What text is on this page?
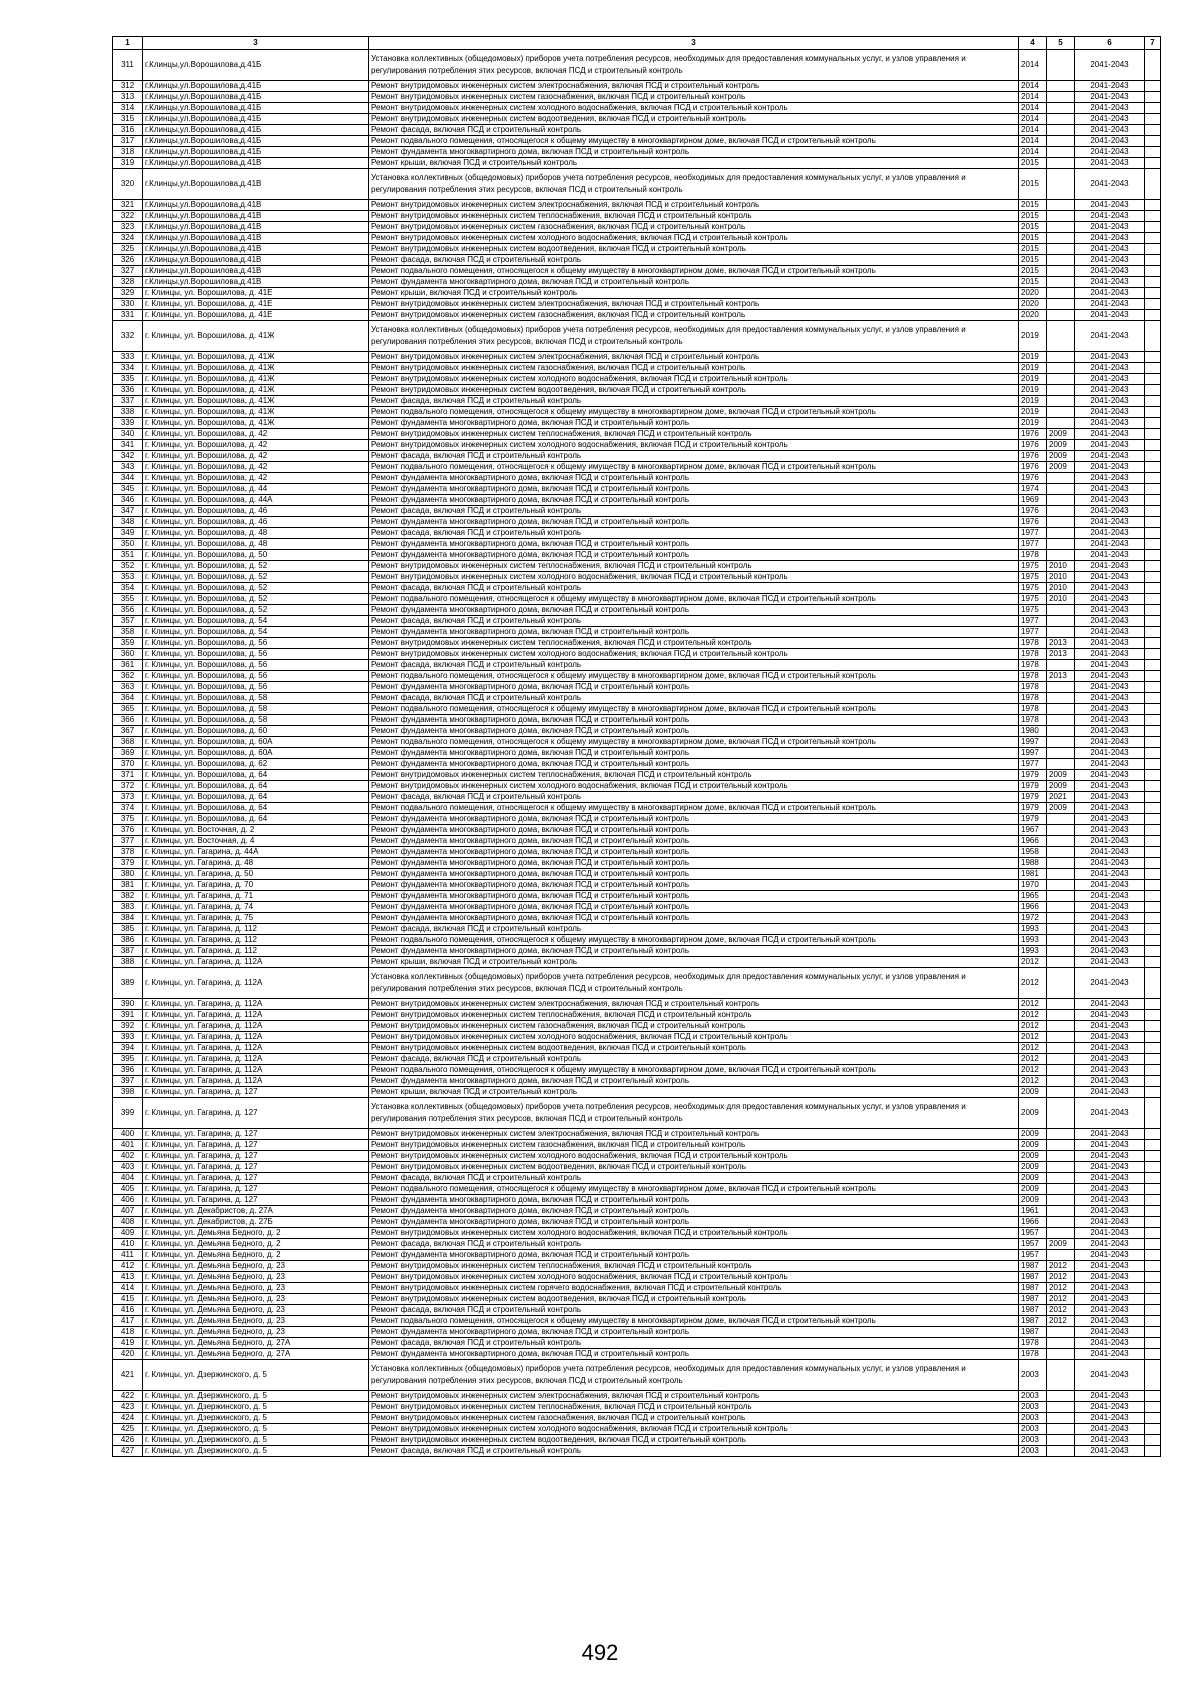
1	3	3	4	5	6	7
311	г.Клинцы,ул.Ворошилова,д.41Б	Установка коллективных (общедомовых) приборов учета потребления ресурсов, необходимых для предоставления коммунальных услуг, и узлов управления и регулирования потребления этих ресурсов, включая ПСД и строительный контроль	2014		2041-2043	
312	г.Клинцы,ул.Ворошилова,д.41Б	Ремонт внутридомовых инженерных систем электроснабжения, включая ПСД и строительный контроль	2014		2041-2043	
313	г.Клинцы,ул.Ворошилова,д.41Б	Ремонт внутридомовых инженерных систем газоснабжения, включая ПСД и строительный контроль	2014		2041-2043	
314	г.Клинцы,ул.Ворошилова,д.41Б	Ремонт внутридомовых инженерных систем холодного водоснабжения, включая ПСД и строительный контроль	2014		2041-2043	
315	г.Клинцы,ул.Ворошилова,д.41Б	Ремонт внутридомовых инженерных систем водоотведения, включая ПСД и строительный контроль	2014		2041-2043	
316	г.Клинцы,ул.Ворошилова,д.41Б	Ремонт фасада, включая ПСД и строительный контроль	2014		2041-2043	
317	г.Клинцы,ул.Ворошилова,д.41Б	Ремонт подвального помещения, относящегося к общему имуществу в многоквартирном доме, включая ПСД и строительный контроль	2014		2041-2043	
318	г.Клинцы,ул.Ворошилова,д.41Б	Ремонт фундамента многоквартирного дома, включая ПСД и строительный контроль	2014		2041-2043	
319	г.Клинцы,ул.Ворошилова,д.41В	Ремонт крыши, включая ПСД и строительный контроль	2015		2041-2043	
320	г.Клинцы,ул.Ворошилова,д.41В	Установка коллективных (общедомовых) приборов учета потребления ресурсов, необходимых для предоставления коммунальных услуг, и узлов управления и регулирования потребления этих ресурсов, включая ПСД и строительный контроль	2015		2041-2043	
321	г.Клинцы,ул.Ворошилова,д.41В	Ремонт внутридомовых инженерных систем электроснабжения, включая ПСД и строительный контроль	2015		2041-2043	
322	г.Клинцы,ул.Ворошилова,д.41В	Ремонт внутридомовых инженерных систем теплоснабжения, включая ПСД и строительный контроль	2015		2041-2043	
323	г.Клинцы,ул.Ворошилова,д.41В	Ремонт внутридомовых инженерных систем газоснабжения, включая ПСД и строительный контроль	2015		2041-2043	
324	г.Клинцы,ул.Ворошилова,д.41В	Ремонт внутридомовых инженерных систем холодного водоснабжения, включая ПСД и строительный контроль	2015		2041-2043	
325	г.Клинцы,ул.Ворошилова,д.41В	Ремонт внутридомовых инженерных систем водоотведения, включая ПСД и строительный контроль	2015		2041-2043	
326	г.Клинцы,ул.Ворошилова,д.41В	Ремонт фасада, включая ПСД и строительный контроль	2015		2041-2043	
327	г.Клинцы,ул.Ворошилова,д.41В	Ремонт подвального помещения, относящегося к общему имуществу в многоквартирном доме, включая ПСД и строительный контроль	2015		2041-2043	
328	г.Клинцы,ул.Ворошилова,д.41В	Ремонт фундамента многоквартирного дома, включая ПСД и строительный контроль	2015		2041-2043	
329	г. Клинцы, ул. Ворошилова, д. 41Е	Ремонт крыши, включая ПСД и строительный контроль	2020		2041-2043	
330	г. Клинцы, ул. Ворошилова, д. 41Е	Ремонт внутридомовых инженерных систем электроснабжения, включая ПСД и строительный контроль	2020		2041-2043	
331	г. Клинцы, ул. Ворошилова, д. 41Е	Ремонт внутридомовых инженерных систем газоснабжения, включая ПСД и строительный контроль	2020		2041-2043	
332	г. Клинцы, ул. Ворошилова, д. 41Ж	Установка коллективных (общедомовых) приборов учета потребления ресурсов, необходимых для предоставления коммунальных услуг, и узлов управления и регулирования потребления этих ресурсов, включая ПСД и строительный контроль	2019		2041-2043	
333	г. Клинцы, ул. Ворошилова, д. 41Ж	Ремонт внутридомовых инженерных систем электроснабжения, включая ПСД и строительный контроль	2019		2041-2043	
334	г. Клинцы, ул. Ворошилова, д. 41Ж	Ремонт внутридомовых инженерных систем газоснабжения, включая ПСД и строительный контроль	2019		2041-2043	
335	г. Клинцы, ул. Ворошилова, д. 41Ж	Ремонт внутридомовых инженерных систем холодного водоснабжения, включая ПСД и строительный контроль	2019		2041-2043	
336	г. Клинцы, ул. Ворошилова, д. 41Ж	Ремонт внутридомовых инженерных систем водоотведения, включая ПСД и строительный контроль	2019		2041-2043	
337	г. Клинцы, ул. Ворошилова, д. 41Ж	Ремонт фасада, включая ПСД и строительный контроль	2019		2041-2043	
338	г. Клинцы, ул. Ворошилова, д. 41Ж	Ремонт подвального помещения, относящегося к общему имуществу в многоквартирном доме, включая ПСД и строительный контроль	2019		2041-2043	
339	г. Клинцы, ул. Ворошилова, д. 41Ж	Ремонт фундамента многоквартирного дома, включая ПСД и строительный контроль	2019		2041-2043	
340	г. Клинцы, ул. Ворошилова, д. 42	Ремонт внутридомовых инженерных систем теплоснабжения, включая ПСД и строительный контроль	1976	2009	2041-2043	
341	г. Клинцы, ул. Ворошилова, д. 42	Ремонт внутридомовых инженерных систем холодного водоснабжения, включая ПСД и строительный контроль	1976	2009	2041-2043	
342	г. Клинцы, ул. Ворошилова, д. 42	Ремонт фасада, включая ПСД и строительный контроль	1976	2009	2041-2043	
343	г. Клинцы, ул. Ворошилова, д. 42	Ремонт подвального помещения, относящегося к общему имуществу в многоквартирном доме, включая ПСД и строительный контроль	1976	2009	2041-2043	
344	г. Клинцы, ул. Ворошилова, д. 42	Ремонт фундамента многоквартирного дома, включая ПСД и строительный контроль	1976		2041-2043	
345	г. Клинцы, ул. Ворошилова, д. 44	Ремонт фундамента многоквартирного дома, включая ПСД и строительный контроль	1974		2041-2043	
346	г. Клинцы, ул. Ворошилова, д. 44А	Ремонт фундамента многоквартирного дома, включая ПСД и строительный контроль	1969		2041-2043	
347	г. Клинцы, ул. Ворошилова, д. 46	Ремонт фасада, включая ПСД и строительный контроль	1976		2041-2043	
348	г. Клинцы, ул. Ворошилова, д. 46	Ремонт фундамента многоквартирного дома, включая ПСД и строительный контроль	1976		2041-2043	
349	г. Клинцы, ул. Ворошилова, д. 48	Ремонт фасада, включая ПСД и строительный контроль	1977		2041-2043	
350	г. Клинцы, ул. Ворошилова, д. 48	Ремонт фундамента многоквартирного дома, включая ПСД и строительный контроль	1977		2041-2043	
351	г. Клинцы, ул. Ворошилова, д. 50	Ремонт фундамента многоквартирного дома, включая ПСД и строительный контроль	1978		2041-2043	
352	г. Клинцы, ул. Ворошилова, д. 52	Ремонт внутридомовых инженерных систем теплоснабжения, включая ПСД и строительный контроль	1975	2010	2041-2043	
353	г. Клинцы, ул. Ворошилова, д. 52	Ремонт внутридомовых инженерных систем холодного водоснабжения, включая ПСД и строительный контроль	1975	2010	2041-2043	
354	г. Клинцы, ул. Ворошилова, д. 52	Ремонт фасада, включая ПСД и строительный контроль	1975	2010	2041-2043	
355	г. Клинцы, ул. Ворошилова, д. 52	Ремонт подвального помещения, относящегося к общему имуществу в многоквартирном доме, включая ПСД и строительный контроль	1975	2010	2041-2043	
356	г. Клинцы, ул. Ворошилова, д. 52	Ремонт фундамента многоквартирного дома, включая ПСД и строительный контроль	1975		2041-2043	
357	г. Клинцы, ул. Ворошилова, д. 54	Ремонт фасада, включая ПСД и строительный контроль	1977		2041-2043	
358	г. Клинцы, ул. Ворошилова, д. 54	Ремонт фундамента многоквартирного дома, включая ПСД и строительный контроль	1977		2041-2043	
359	г. Клинцы, ул. Ворошилова, д. 56	Ремонт внутридомовых инженерных систем теплоснабжения, включая ПСД и строительный контроль	1978	2013	2041-2043	
360	г. Клинцы, ул. Ворошилова, д. 56	Ремонт внутридомовых инженерных систем холодного водоснабжения, включая ПСД и строительный контроль	1978	2013	2041-2043	
361	г. Клинцы, ул. Ворошилова, д. 56	Ремонт фасада, включая ПСД и строительный контроль	1978		2041-2043	
362	г. Клинцы, ул. Ворошилова, д. 56	Ремонт подвального помещения, относящегося к общему имуществу в многоквартирном доме, включая ПСД и строительный контроль	1978	2013	2041-2043	
363	г. Клинцы, ул. Ворошилова, д. 56	Ремонт фундамента многоквартирного дома, включая ПСД и строительный контроль	1978		2041-2043	
364	г. Клинцы, ул. Ворошилова, д. 58	Ремонт фасада, включая ПСД и строительный контроль	1978		2041-2043	
365	г. Клинцы, ул. Ворошилова, д. 58	Ремонт подвального помещения, относящегося к общему имуществу в многоквартирном доме, включая ПСД и строительный контроль	1978		2041-2043	
366	г. Клинцы, ул. Ворошилова, д. 58	Ремонт фундамента многоквартирного дома, включая ПСД и строительный контроль	1978		2041-2043	
367	г. Клинцы, ул. Ворошилова, д. 60	Ремонт фундамента многоквартирного дома, включая ПСД и строительный контроль	1980		2041-2043	
368	г. Клинцы, ул. Ворошилова, д. 60А	Ремонт подвального помещения, относящегося к общему имуществу в многоквартирном доме, включая ПСД и строительный контроль	1997		2041-2043	
369	г. Клинцы, ул. Ворошилова, д. 60А	Ремонт фундамента многоквартирного дома, включая ПСД и строительный контроль	1997		2041-2043	
370	г. Клинцы, ул. Ворошилова, д. 62	Ремонт фундамента многоквартирного дома, включая ПСД и строительный контроль	1977		2041-2043	
371	г. Клинцы, ул. Ворошилова, д. 64	Ремонт внутридомовых инженерных систем теплоснабжения, включая ПСД и строительный контроль	1979	2009	2041-2043	
372	г. Клинцы, ул. Ворошилова, д. 64	Ремонт внутридомовых инженерных систем холодного водоснабжения, включая ПСД и строительный контроль	1979	2009	2041-2043	
373	г. Клинцы, ул. Ворошилова, д. 64	Ремонт фасада, включая ПСД и строительный контроль	1979	2021	2041-2043	
374	г. Клинцы, ул. Ворошилова, д. 64	Ремонт подвального помещения, относящегося к общему имуществу в многоквартирном доме, включая ПСД и строительный контроль	1979	2009	2041-2043	
375	г. Клинцы, ул. Ворошилова, д. 64	Ремонт фундамента многоквартирного дома, включая ПСД и строительный контроль	1979		2041-2043	
376	г. Клинцы, ул. Восточная, д. 2	Ремонт фундамента многоквартирного дома, включая ПСД и строительный контроль	1967		2041-2043	
377	г. Клинцы, ул. Восточная, д. 4	Ремонт фундамента многоквартирного дома, включая ПСД и строительный контроль	1966		2041-2043	
378	г. Клинцы, ул. Гагарина, д. 44А	Ремонт фундамента многоквартирного дома, включая ПСД и строительный контроль	1958		2041-2043	
379	г. Клинцы, ул. Гагарина, д. 48	Ремонт фундамента многоквартирного дома, включая ПСД и строительный контроль	1988		2041-2043	
380	г. Клинцы, ул. Гагарина, д. 50	Ремонт фундамента многоквартирного дома, включая ПСД и строительный контроль	1981		2041-2043	
381	г. Клинцы, ул. Гагарина, д. 70	Ремонт фундамента многоквартирного дома, включая ПСД и строительный контроль	1970		2041-2043	
382	г. Клинцы, ул. Гагарина, д. 71	Ремонт фундамента многоквартирного дома, включая ПСД и строительный контроль	1965		2041-2043	
383	г. Клинцы, ул. Гагарина, д. 74	Ремонт фундамента многоквартирного дома, включая ПСД и строительный контроль	1966		2041-2043	
384	г. Клинцы, ул. Гагарина, д. 75	Ремонт фундамента многоквартирного дома, включая ПСД и строительный контроль	1972		2041-2043	
385	г. Клинцы, ул. Гагарина, д. 112	Ремонт фасада, включая ПСД и строительный контроль	1993		2041-2043	
386	г. Клинцы, ул. Гагарина, д. 112	Ремонт подвального помещения, относящегося к общему имуществу в многоквартирном доме, включая ПСД и строительный контроль	1993		2041-2043	
387	г. Клинцы, ул. Гагарина, д. 112	Ремонт фундамента многоквартирного дома, включая ПСД и строительный контроль	1993		2041-2043	
388	г. Клинцы, ул. Гагарина, д. 112А	Ремонт крыши, включая ПСД и строительный контроль	2012		2041-2043	
389	г. Клинцы, ул. Гагарина, д. 112А	Установка коллективных (общедомовых) приборов учета потребления ресурсов, необходимых для предоставления коммунальных услуг, и узлов управления и регулирования потребления этих ресурсов, включая ПСД и строительный контроль	2012		2041-2043	
390	г. Клинцы, ул. Гагарина, д. 112А	Ремонт внутридомовых инженерных систем электроснабжения, включая ПСД и строительный контроль	2012		2041-2043	
391	г. Клинцы, ул. Гагарина, д. 112А	Ремонт внутридомовых инженерных систем теплоснабжения, включая ПСД и строительный контроль	2012		2041-2043	
392	г. Клинцы, ул. Гагарина, д. 112А	Ремонт внутридомовых инженерных систем газоснабжения, включая ПСД и строительный контроль	2012		2041-2043	
393	г. Клинцы, ул. Гагарина, д. 112А	Ремонт внутридомовых инженерных систем холодного водоснабжения, включая ПСД и строительный контроль	2012		2041-2043	
394	г. Клинцы, ул. Гагарина, д. 112А	Ремонт внутридомовых инженерных систем водоотведения, включая ПСД и строительный контроль	2012		2041-2043	
395	г. Клинцы, ул. Гагарина, д. 112А	Ремонт фасада, включая ПСД и строительный контроль	2012		2041-2043	
396	г. Клинцы, ул. Гагарина, д. 112А	Ремонт подвального помещения, относящегося к общему имуществу в многоквартирном доме, включая ПСД и строительный контроль	2012		2041-2043	
397	г. Клинцы, ул. Гагарина, д. 112А	Ремонт фундамента многоквартирного дома, включая ПСД и строительный контроль	2012		2041-2043	
398	г. Клинцы, ул. Гагарина, д. 127	Ремонт крыши, включая ПСД и строительный контроль	2009		2041-2043	
399	г. Клинцы, ул. Гагарина, д. 127	Установка коллективных (общедомовых) приборов учета потребления ресурсов, необходимых для предоставления коммунальных услуг, и узлов управления и регулирования потребления этих ресурсов, включая ПСД и строительный контроль	2009		2041-2043	
400	г. Клинцы, ул. Гагарина, д. 127	Ремонт внутридомовых инженерных систем электроснабжения, включая ПСД и строительный контроль	2009		2041-2043	
401	г. Клинцы, ул. Гагарина, д. 127	Ремонт внутридомовых инженерных систем газоснабжения, включая ПСД и строительный контроль	2009		2041-2043	
402	г. Клинцы, ул. Гагарина, д. 127	Ремонт внутридомовых инженерных систем холодного водоснабжения, включая ПСД и строительный контроль	2009		2041-2043	
403	г. Клинцы, ул. Гагарина, д. 127	Ремонт внутридомовых инженерных систем водоотведения, включая ПСД и строительный контроль	2009		2041-2043	
404	г. Клинцы, ул. Гагарина, д. 127	Ремонт фасада, включая ПСД и строительный контроль	2009		2041-2043	
405	г. Клинцы, ул. Гагарина, д. 127	Ремонт подвального помещения, относящегося к общему имуществу в многоквартирном доме, включая ПСД и строительный контроль	2009		2041-2043	
406	г. Клинцы, ул. Гагарина, д. 127	Ремонт фундамента многоквартирного дома, включая ПСД и строительный контроль	2009		2041-2043	
407	г. Клинцы, ул. Декабристов, д. 27А	Ремонт фундамента многоквартирного дома, включая ПСД и строительный контроль	1961		2041-2043	
408	г. Клинцы, ул. Декабристов, д. 27Б	Ремонт фундамента многоквартирного дома, включая ПСД и строительный контроль	1966		2041-2043	
409	г. Клинцы, ул. Демьяна Бедного, д. 2	Ремонт внутридомовых инженерных систем холодного водоснабжения, включая ПСД и строительный контроль	1957		2041-2043	
410	г. Клинцы, ул. Демьяна Бедного, д. 2	Ремонт фасада, включая ПСД и строительный контроль	1957	2009	2041-2043	
411	г. Клинцы, ул. Демьяна Бедного, д. 2	Ремонт фундамента многоквартирного дома, включая ПСД и строительный контроль	1957		2041-2043	
412	г. Клинцы, ул. Демьяна Бедного, д. 23	Ремонт внутридомовых инженерных систем теплоснабжения, включая ПСД и строительный контроль	1987	2012	2041-2043	
413	г. Клинцы, ул. Демьяна Бедного, д. 23	Ремонт внутридомовых инженерных систем холодного водоснабжения, включая ПСД и строительный контроль	1987	2012	2041-2043	
414	г. Клинцы, ул. Демьяна Бедного, д. 23	Ремонт внутридомовых инженерных систем горячего водоснабжения, включая ПСД и строительный контроль	1987	2012	2041-2043	
415	г. Клинцы, ул. Демьяна Бедного, д. 23	Ремонт внутридомовых инженерных систем водоотведения, включая ПСД и строительный контроль	1987	2012	2041-2043	
416	г. Клинцы, ул. Демьяна Бедного, д. 23	Ремонт фасада, включая ПСД и строительный контроль	1987	2012	2041-2043	
417	г. Клинцы, ул. Демьяна Бедного, д. 23	Ремонт подвального помещения, относящегося к общему имуществу в многоквартирном доме, включая ПСД и строительный контроль	1987	2012	2041-2043	
418	г. Клинцы, ул. Демьяна Бедного, д. 23	Ремонт фундамента многоквартирного дома, включая ПСД и строительный контроль	1987		2041-2043	
419	г. Клинцы, ул. Демьяна Бедного, д. 27А	Ремонт фасада, включая ПСД и строительный контроль	1978		2041-2043	
420	г. Клинцы, ул. Демьяна Бедного, д. 27А	Ремонт фундамента многоквартирного дома, включая ПСД и строительный контроль	1978		2041-2043	
421	г. Клинцы, ул. Дзержинского, д. 5	Установка коллективных (общедомовых) приборов учета потребления ресурсов, необходимых для предоставления коммунальных услуг, и узлов управления и регулирования потребления этих ресурсов, включая ПСД и строительный контроль	2003		2041-2043	
422	г. Клинцы, ул. Дзержинского, д. 5	Ремонт внутридомовых инженерных систем электроснабжения, включая ПСД и строительный контроль	2003		2041-2043	
423	г. Клинцы, ул. Дзержинского, д. 5	Ремонт внутридомовых инженерных систем теплоснабжения, включая ПСД и строительный контроль	2003		2041-2043	
424	г. Клинцы, ул. Дзержинского, д. 5	Ремонт внутридомовых инженерных систем газоснабжения, включая ПСД и строительный контроль	2003		2041-2043	
425	г. Клинцы, ул. Дзержинского, д. 5	Ремонт внутридомовых инженерных систем холодного водоснабжения, включая ПСД и строительный контроль	2003		2041-2043	
426	г. Клинцы, ул. Дзержинского, д. 5	Ремонт внутридомовых инженерных систем водоотведения, включая ПСД и строительный контроль	2003		2041-2043	
427	г. Клинцы, ул. Дзержинского, д. 5	Ремонт фасада, включая ПСД и строительный контроль	2003		2041-2043	
492
